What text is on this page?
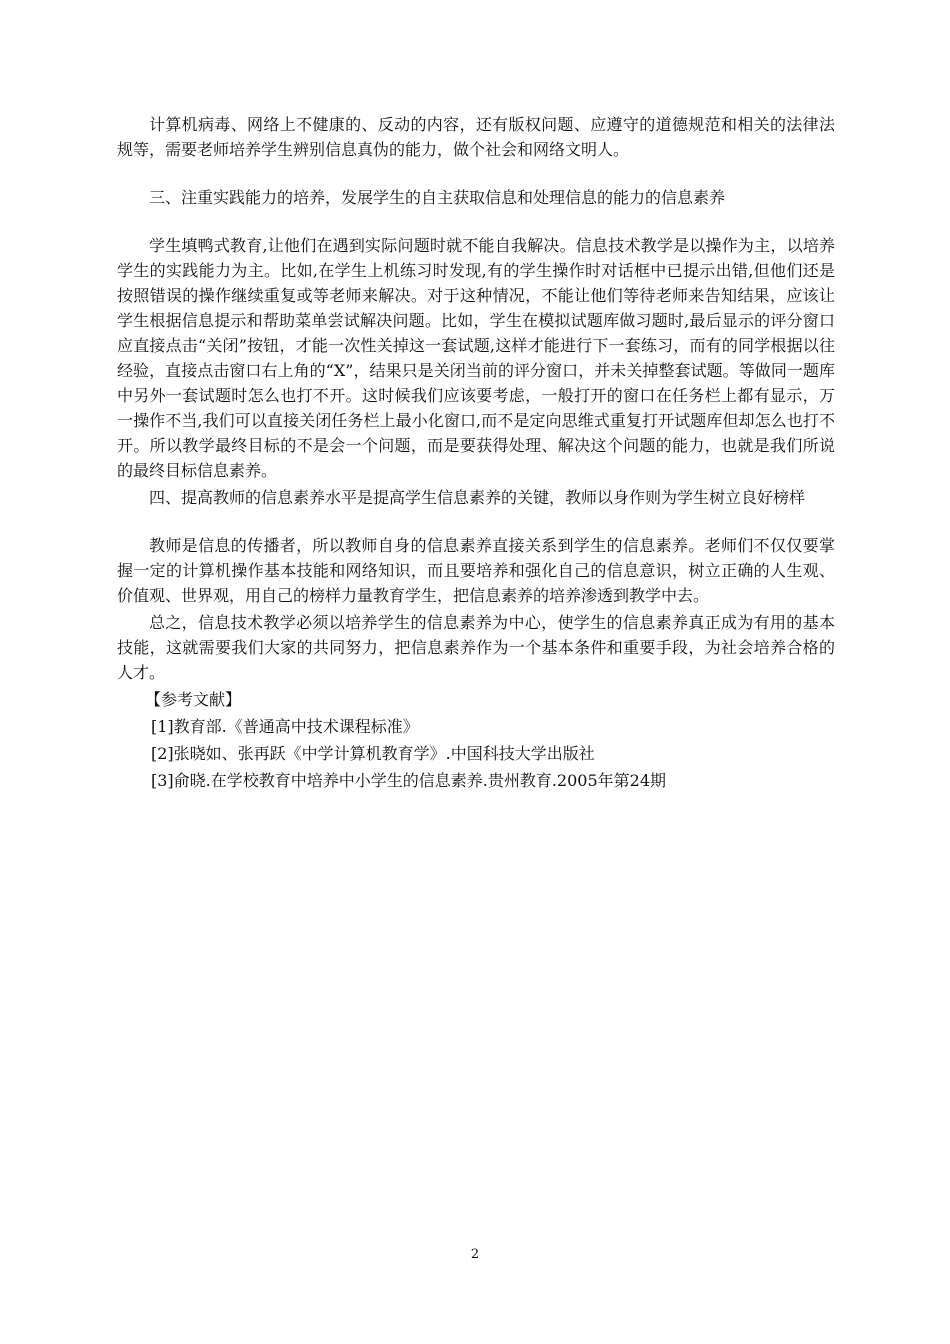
计算机病毒、网络上不健康的、反动的内容，还有版权问题、应遵守的道德规范和相关的法律法规等，需要老师培养学生辨别信息真伪的能力，做个社会和网络文明人。

三、注重实践能力的培养，发展学生的自主获取信息和处理信息的能力的信息素养

学生填鸭式教育,让他们在遇到实际问题时就不能自我解决。信息技术教学是以操作为主，以培养学生的实践能力为主。比如,在学生上机练习时发现,有的学生操作时对话框中已提示出错,但他们还是按照错误的操作继续重复或等老师来解决。对于这种情况，不能让他们等待老师来告知结果，应该让学生根据信息提示和帮助菜单尝试解决问题。比如，学生在模拟试题库做习题时,最后显示的评分窗口应直接点击“关闭”按钮，才能一次性关掉这一套试题,这样才能进行下一套练习，而有的同学根据以往经验，直接点击窗口右上角的“X”，结果只是关闭当前的评分窗口，并未关掉整套试题。等做同一题库中另外一套试题时怎么也打不开。这时候我们应该要考虑，一般打开的窗口在任务栏上都有显示，万一操作不当,我们可以直接关闭任务栏上最小化窗口,而不是定向思维式重复打开试题库但却怎么也打不开。所以教学最终目标的不是会一个问题，而是要获得处理、解决这个问题的能力，也就是我们所说的最终目标信息素养。

四、提高教师的信息素养水平是提高学生信息素养的关键，教师以身作则为学生树立良好榜样

教师是信息的传播者，所以教师自身的信息素养直接关系到学生的信息素养。老师们不仅仅要掌握一定的计算机操作基本技能和网络知识，而且要培养和强化自己的信息意识，树立正确的人生观、价值观、世界观，用自己的榜样力量教育学生，把信息素养的培养渗透到教学中去。

总之，信息技术教学必须以培养学生的信息素养为中心，使学生的信息素养真正成为有用的基本技能，这就需要我们大家的共同努力，把信息素养作为一个基本条件和重要手段，为社会培养合格的人才。

【参考文献】

[1]教育部.《普通高中技术课程标准》

[2]张晓如、张再跃《中学计算机教育学》.中国科技大学出版社

[3]俞晓.在学校教育中培养中小学生的信息素养.贵州教育.2005年第24期

2
